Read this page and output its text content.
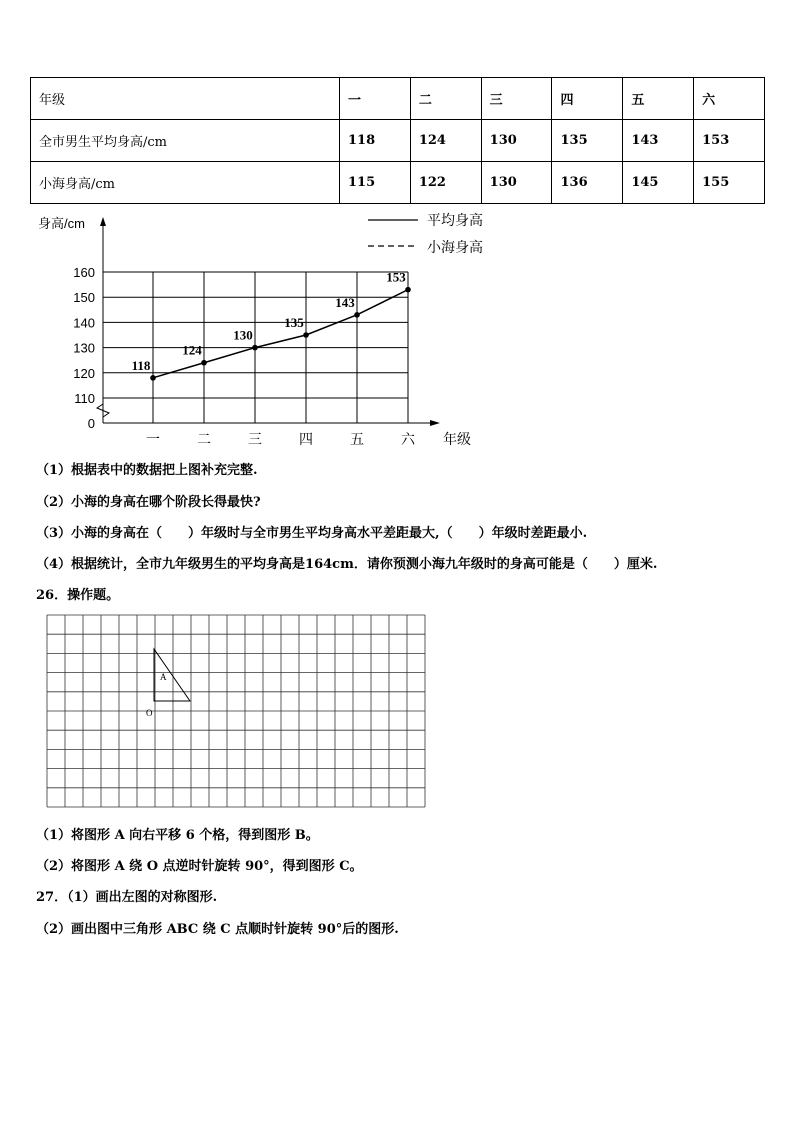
年级	一	二	三	四	五	六
全市男生平均身高/cm	118	124	130	135	143	153
小海身高/cm	115	122	130	136	145	155
160
150
140
130
120
110
0
身高/cm
一	二	三	四	五	六 年级
平均身高
小海身高
118
124
130
135
143
153
（1）根据表中的数据把上图补充完整.
（2）小海的身高在哪个阶段长得最快?
（3）小海的身高在（　　）年级时与全市男生平均身高水平差距最大,（　　）年级时差距最小.
（4）根据统计，全市九年级男生的平均身高是164cm．请你预测小海九年级时的身高可能是（　　）厘米.
26．操作题。
A
O
（1）将图形 A 向右平移 6 个格，得到图形 B。
（2）将图形 A 绕 O 点逆时针旋转 90°，得到图形 C。
27．（1）画出左图的对称图形.
（2）画出图中三角形 ABC 绕 C 点顺时针旋转 90°后的图形.
